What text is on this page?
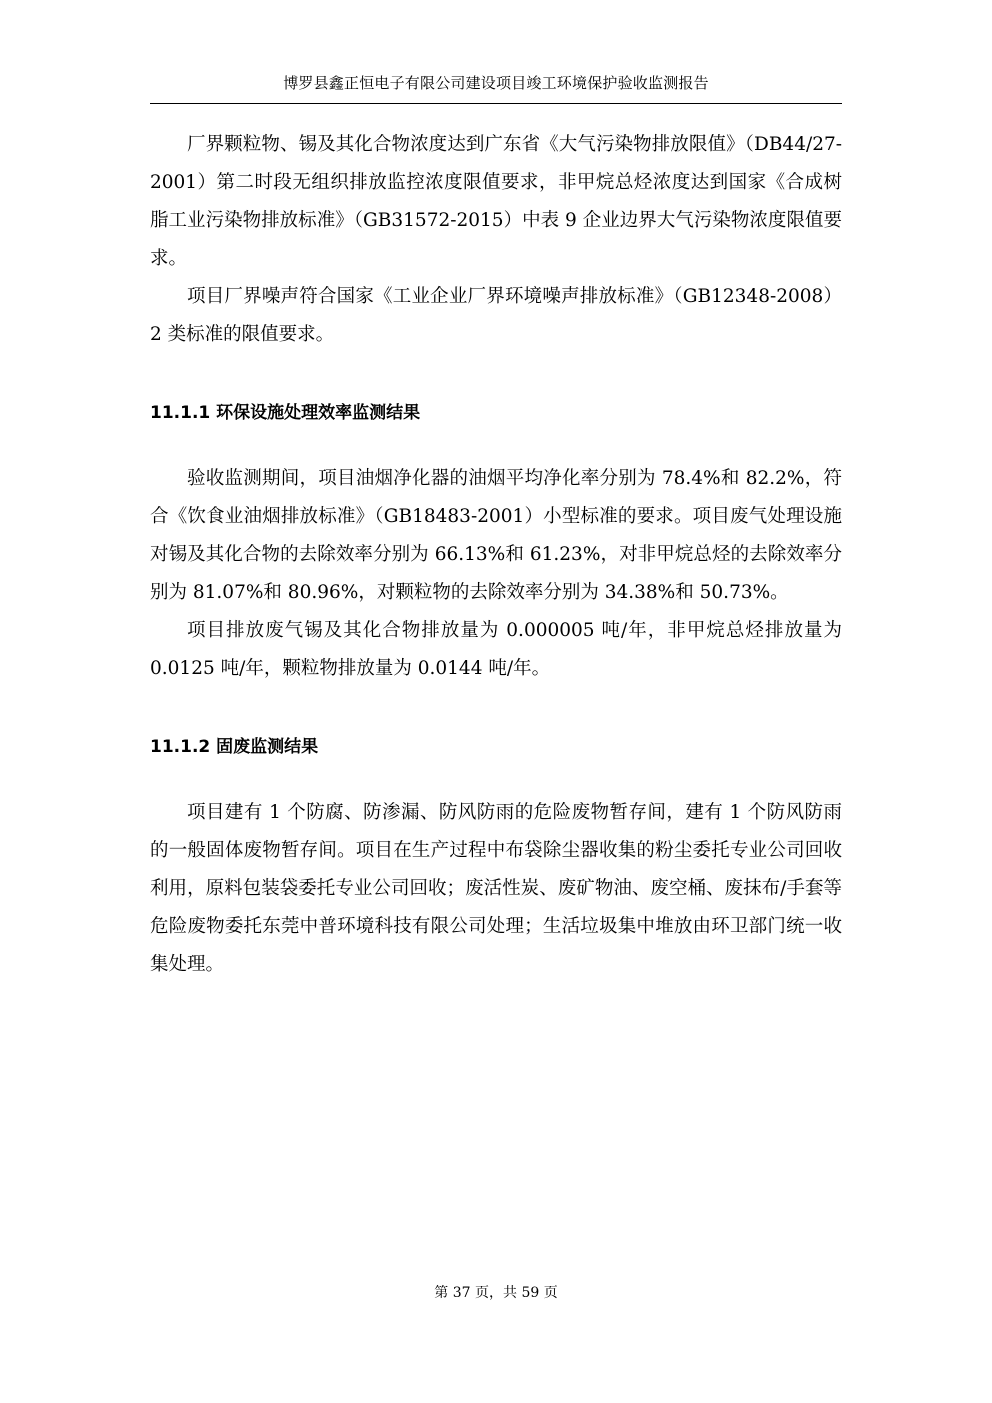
博罗县鑫正恒电子有限公司建设项目竣工环境保护验收监测报告

厂界颗粒物、锡及其化合物浓度达到广东省《大气污染物排放限值》（DB44/27-2001）第二时段无组织排放监控浓度限值要求，非甲烷总烃浓度达到国家《合成树脂工业污染物排放标准》（GB31572-2015）中表 9 企业边界大气污染物浓度限值要求。

项目厂界噪声符合国家《工业企业厂界环境噪声排放标准》（GB12348-2008）2 类标准的限值要求。

11.1.1 环保设施处理效率监测结果

验收监测期间，项目油烟净化器的油烟平均净化率分别为 78.4%和 82.2%，符合《饮食业油烟排放标准》（GB18483-2001）小型标准的要求。项目废气处理设施对锡及其化合物的去除效率分别为 66.13%和 61.23%，对非甲烷总烃的去除效率分别为 81.07%和 80.96%，对颗粒物的去除效率分别为 34.38%和 50.73%。

项目排放废气锡及其化合物排放量为 0.000005 吨/年，非甲烷总烃排放量为 0.0125 吨/年，颗粒物排放量为 0.0144 吨/年。

11.1.2 固废监测结果

项目建有 1 个防腐、防渗漏、防风防雨的危险废物暂存间，建有 1 个防风防雨的一般固体废物暂存间。项目在生产过程中布袋除尘器收集的粉尘委托专业公司回收利用，原料包装袋委托专业公司回收；废活性炭、废矿物油、废空桶、废抹布/手套等危险废物委托东莞中普环境科技有限公司处理；生活垃圾集中堆放由环卫部门统一收集处理。

第 37 页，共 59 页
